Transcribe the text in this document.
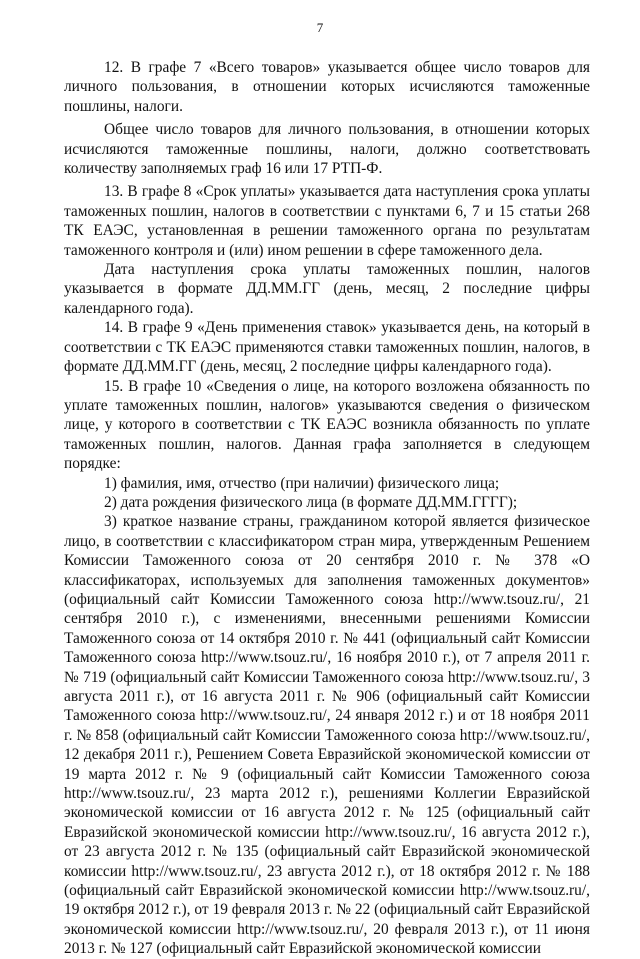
7

12. В графе 7 «Всего товаров» указывается общее число товаров для личного пользования, в отношении которых исчисляются таможенные пошлины, налоги.

Общее число товаров для личного пользования, в отношении которых исчисляются таможенные пошлины, налоги, должно соответствовать количеству заполняемых граф 16 или 17 РТП-Ф.

13. В графе 8 «Срок уплаты» указывается дата наступления срока уплаты таможенных пошлин, налогов в соответствии с пунктами 6, 7 и 15 статьи 268 ТК ЕАЭС, установленная в решении таможенного органа по результатам таможенного контроля и (или) ином решении в сфере таможенного дела.

Дата наступления срока уплаты таможенных пошлин, налогов указывается в формате ДД.ММ.ГГ (день, месяц, 2 последние цифры календарного года).

14. В графе 9 «День применения ставок» указывается день, на который в соответствии с ТК ЕАЭС применяются ставки таможенных пошлин, налогов, в формате ДД.ММ.ГГ (день, месяц, 2 последние цифры календарного года).

15. В графе 10 «Сведения о лице, на которого возложена обязанность по уплате таможенных пошлин, налогов» указываются сведения о физическом лице, у которого в соответствии с ТК ЕАЭС возникла обязанность по уплате таможенных пошлин, налогов. Данная графа заполняется в следующем порядке:

1) фамилия, имя, отчество (при наличии) физического лица;

2) дата рождения физического лица (в формате ДД.ММ.ГГГГ);

3) краткое название страны, гражданином которой является физическое лицо, в соответствии с классификатором стран мира, утвержденным Решением Комиссии Таможенного союза от 20 сентября 2010 г. № 378 «О классификаторах, используемых для заполнения таможенных документов» (официальный сайт Комиссии Таможенного союза http://www.tsouz.ru/, 21 сентября 2010 г.), с изменениями, внесенными решениями Комиссии Таможенного союза от 14 октября 2010 г. № 441 (официальный сайт Комиссии Таможенного союза http://www.tsouz.ru/, 16 ноября 2010 г.), от 7 апреля 2011 г. № 719 (официальный сайт Комиссии Таможенного союза http://www.tsouz.ru/, 3 августа 2011 г.), от 16 августа 2011 г. № 906 (официальный сайт Комиссии Таможенного союза http://www.tsouz.ru/, 24 января 2012 г.) и от 18 ноября 2011 г. № 858 (официальный сайт Комиссии Таможенного союза http://www.tsouz.ru/, 12 декабря 2011 г.), Решением Совета Евразийской экономической комиссии от 19 марта 2012 г. № 9 (официальный сайт Комиссии Таможенного союза http://www.tsouz.ru/, 23 марта 2012 г.), решениями Коллегии Евразийской экономической комиссии от 16 августа 2012 г. № 125 (официальный сайт Евразийской экономической комиссии http://www.tsouz.ru/, 16 августа 2012 г.), от 23 августа 2012 г. № 135 (официальный сайт Евразийской экономической комиссии http://www.tsouz.ru/, 23 августа 2012 г.), от 18 октября 2012 г. № 188 (официальный сайт Евразийской экономической комиссии http://www.tsouz.ru/, 19 октября 2012 г.), от 19 февраля 2013 г. № 22 (официальный сайт Евразийской экономической комиссии http://www.tsouz.ru/, 20 февраля 2013 г.), от 11 июня 2013 г. № 127 (официальный сайт Евразийской экономической комиссии
